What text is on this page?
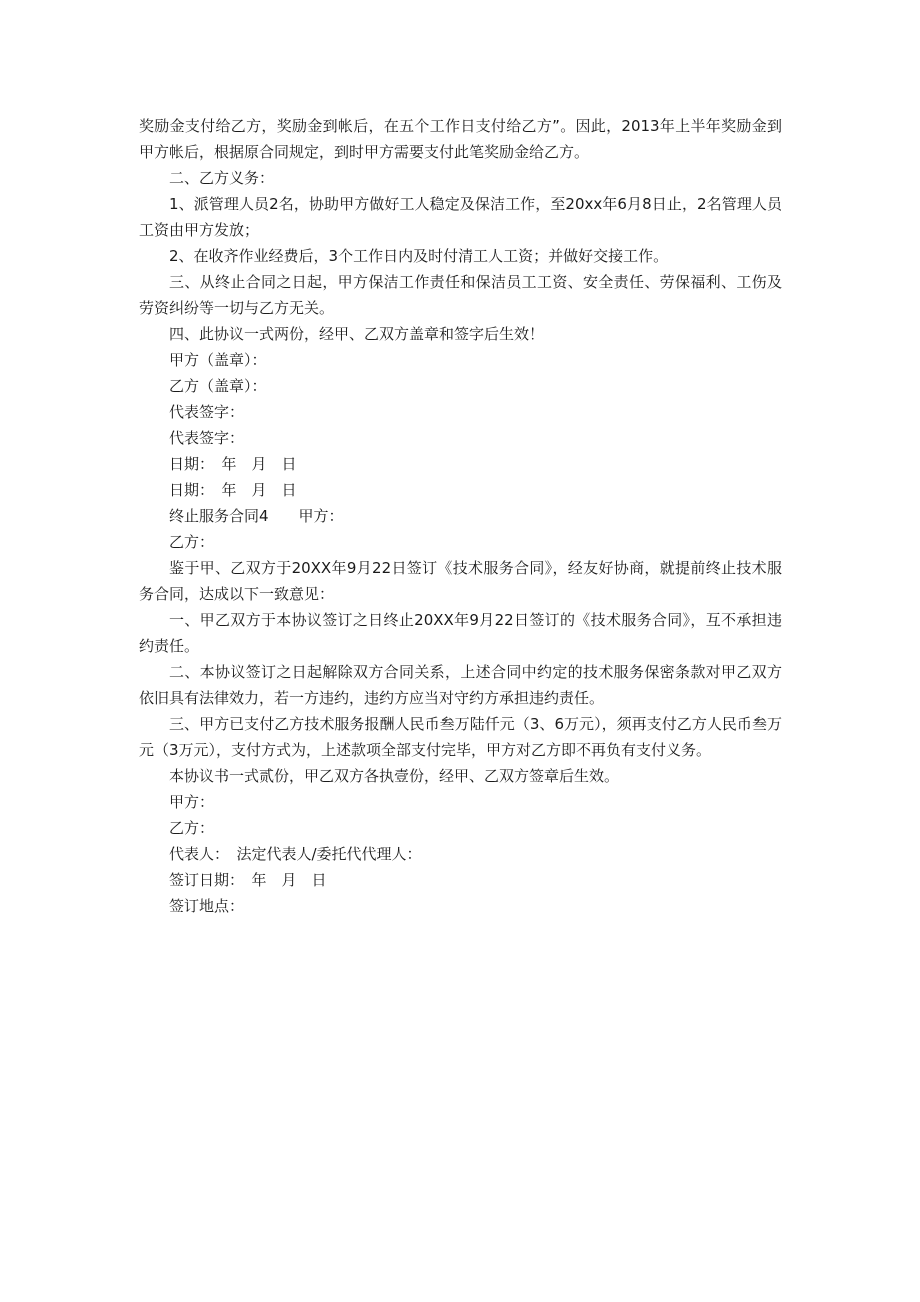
奖励金支付给乙方，奖励金到帐后，在五个工作日支付给乙方”。因此，2013年上半年奖励金到甲方帐后，根据原合同规定，到时甲方需要支付此笔奖励金给乙方。

二、乙方义务：

1、派管理人员2名，协助甲方做好工人稳定及保洁工作，至20xx年6月8日止，2名管理人员工资由甲方发放；

2、在收齐作业经费后，3个工作日内及时付清工人工资；并做好交接工作。

三、从终止合同之日起，甲方保洁工作责任和保洁员工工资、安全责任、劳保福利、工伤及劳资纠纷等一切与乙方无关。

四、此协议一式两份，经甲、乙双方盖章和签字后生效！

甲方（盖章）：

乙方（盖章）：

代表签字：

代表签字：

日期：　年　月　日

日期：　年　月　日

终止服务合同4　　甲方：

乙方：

鉴于甲、乙双方于20XX年9月22日签订《技术服务合同》，经友好协商，就提前终止技术服务合同，达成以下一致意见：

一、甲乙双方于本协议签订之日终止20XX年9月22日签订的《技术服务合同》，互不承担违约责任。

二、本协议签订之日起解除双方合同关系，上述合同中约定的技术服务保密条款对甲乙双方依旧具有法律效力，若一方违约，违约方应当对守约方承担违约责任。

三、甲方已支付乙方技术服务报酬人民币叁万陆仟元（3、6万元），须再支付乙方人民币叁万元（3万元），支付方式为，上述款项全部支付完毕，甲方对乙方即不再负有支付义务。

本协议书一式贰份，甲乙双方各执壹份，经甲、乙双方签章后生效。

甲方：

乙方：

代表人：　法定代表人/委托代代理人：

签订日期：　年　月　日

签订地点：
